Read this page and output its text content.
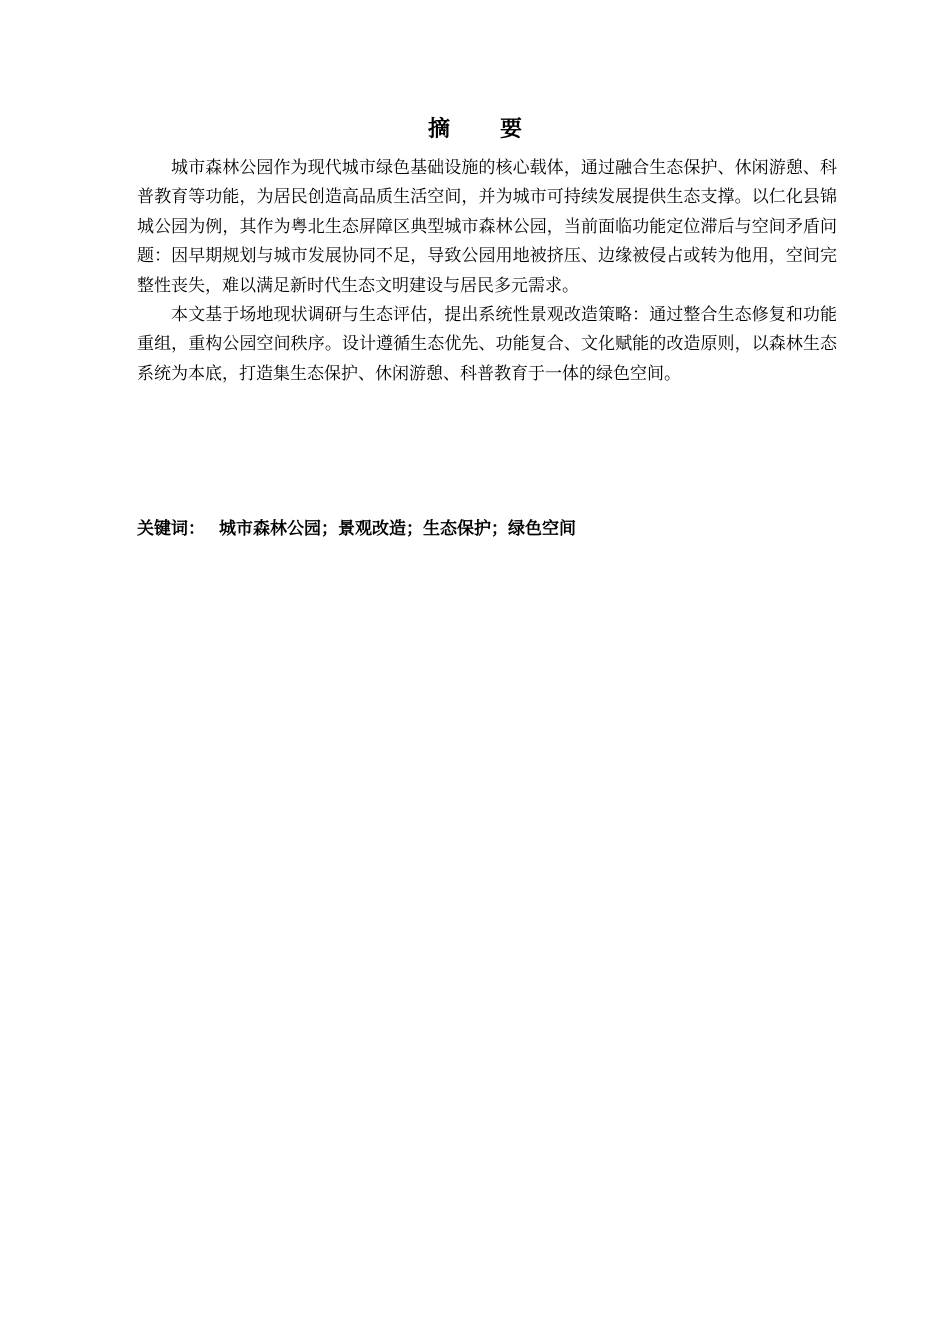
摘　要

城市森林公园作为现代城市绿色基础设施的核心载体，通过融合生态保护、休闲游憩、科普教育等功能，为居民创造高品质生活空间，并为城市可持续发展提供生态支撑。以仁化县锦城公园为例，其作为粤北生态屏障区典型城市森林公园，当前面临功能定位滞后与空间矛盾问题：因早期规划与城市发展协同不足，导致公园用地被挤压、边缘被侵占或转为他用，空间完整性丧失，难以满足新时代生态文明建设与居民多元需求。

本文基于场地现状调研与生态评估，提出系统性景观改造策略：通过整合生态修复和功能重组，重构公园空间秩序。设计遵循生态优先、功能复合、文化赋能的改造原则，以森林生态系统为本底，打造集生态保护、休闲游憩、科普教育于一体的绿色空间。

关键词： 城市森林公园；景观改造；生态保护；绿色空间
